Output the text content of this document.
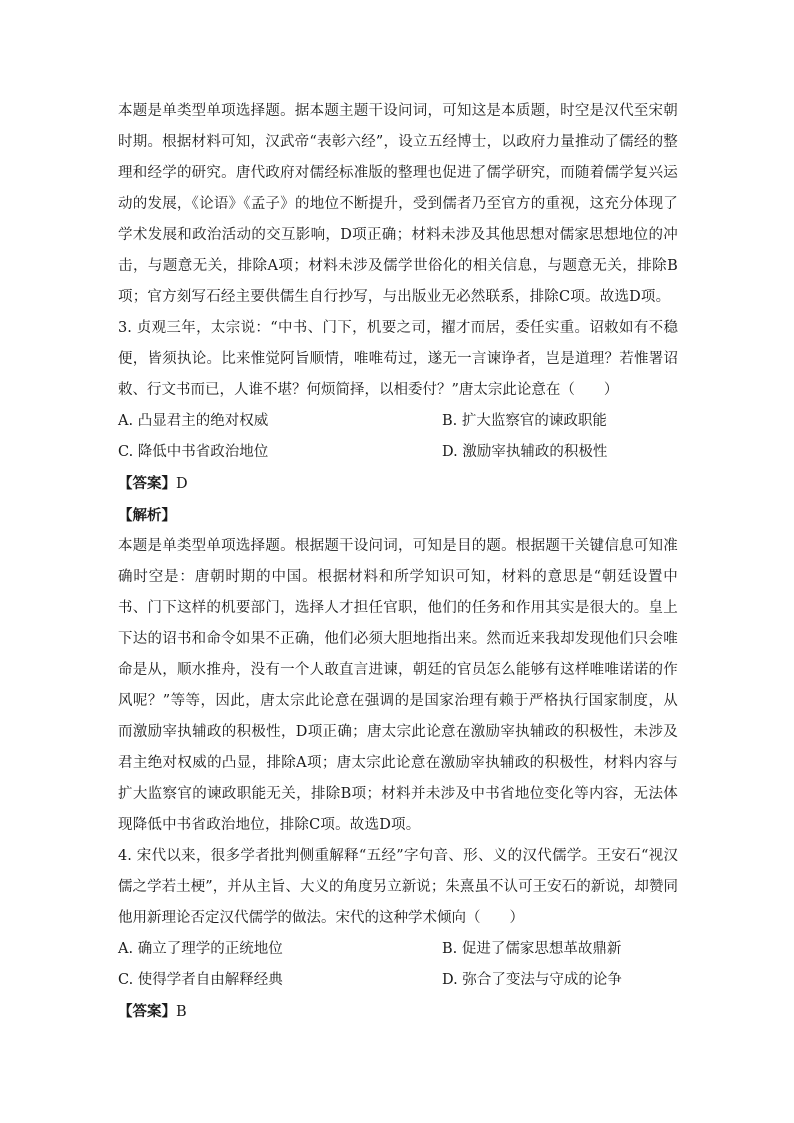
本题是单类型单项选择题。据本题主题干设问词，可知这是本质题，时空是汉代至宋朝时期。根据材料可知，汉武帝“表彰六经”，设立五经博士，以政府力量推动了儒经的整理和经学的研究。唐代政府对儒经标准版的整理也促进了儒学研究，而随着儒学复兴运动的发展，《论语》《孟子》的地位不断提升，受到儒者乃至官方的重视，这充分体现了学术发展和政治活动的交互影响，D项正确；材料未涉及其他思想对儒家思想地位的冲击，与题意无关，排除A项；材料未涉及儒学世俗化的相关信息，与题意无关，排除B项；官方刻写石经主要供儒生自行抄写，与出版业无必然联系，排除C项。故选D项。

3. 贞观三年，太宗说：“中书、门下，机要之司，擢才而居，委任实重。诏敕如有不稳便，皆须执论。比来惟觉阿旨顺情，唯唯苟过，遂无一言谏诤者，岂是道理？若惟署诏敕、行文书而已，人谁不堪？何烦简择，以相委付？”唐太宗此论意在（　　）

A. 凸显君主的绝对权威	B. 扩大监察官的谏政职能
C. 降低中书省政治地位	D. 激励宰执辅政的积极性

【答案】D

【解析】

本题是单类型单项选择题。根据题干设问词，可知是目的题。根据题干关键信息可知准确时空是：唐朝时期的中国。根据材料和所学知识可知，材料的意思是“朝廷设置中书、门下这样的机要部门，选择人才担任官职，他们的任务和作用其实是很大的。皇上下达的诏书和命令如果不正确，他们必须大胆地指出来。然而近来我却发现他们只会唯命是从，顺水推舟，没有一个人敢直言进谏，朝廷的官员怎么能够有这样唯唯诺诺的作风呢？”等等，因此，唐太宗此论意在强调的是国家治理有赖于严格执行国家制度，从而激励宰执辅政的积极性，D项正确；唐太宗此论意在激励宰执辅政的积极性，未涉及君主绝对权威的凸显，排除A项；唐太宗此论意在激励宰执辅政的积极性，材料内容与扩大监察官的谏政职能无关，排除B项；材料并未涉及中书省地位变化等内容，无法体现降低中书省政治地位，排除C项。故选D项。

4. 宋代以来，很多学者批判侧重解释“五经”字句音、形、义的汉代儒学。王安石“视汉儒之学若土梗”，并从主旨、大义的角度另立新说；朱熹虽不认可王安石的新说，却赞同他用新理论否定汉代儒学的做法。宋代的这种学术倾向（　　）

A. 确立了理学的正统地位	B. 促进了儒家思想革故鼎新
C. 使得学者自由解释经典	D. 弥合了变法与守成的论争

【答案】B
